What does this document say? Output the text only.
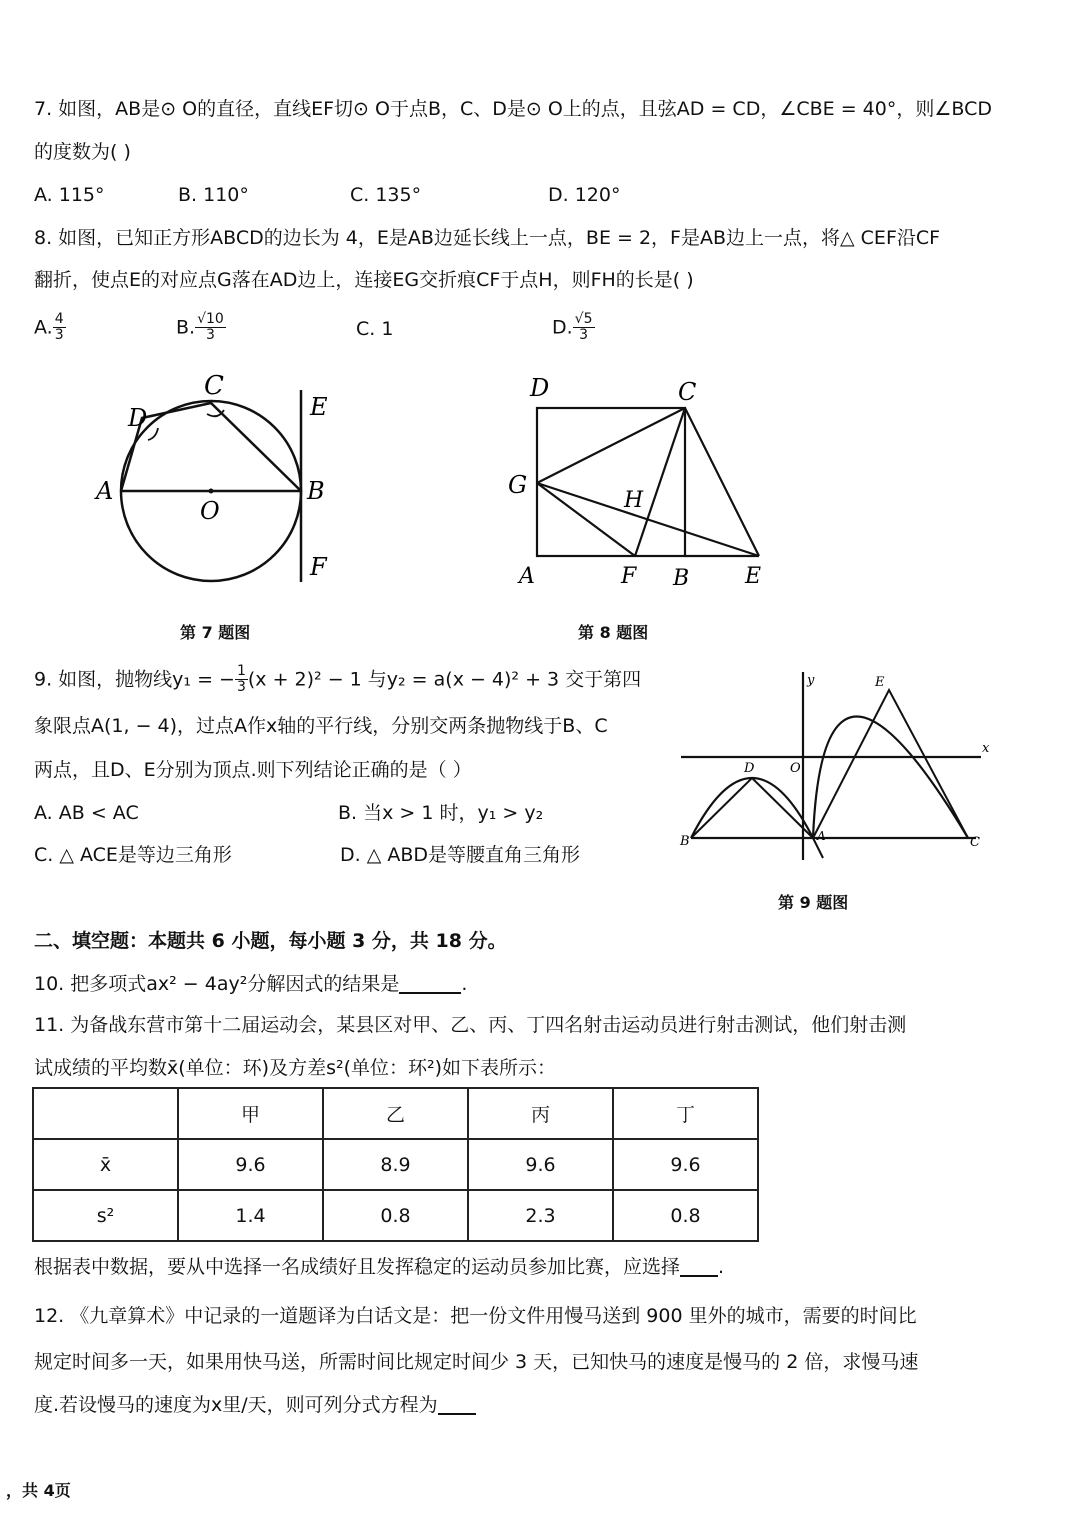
7. 如图，AB是⊙ O的直径，直线EF切⊙ O于点B，C、D是⊙ O上的点，且弦AD = CD，∠CBE = 40°，则∠BCD
的度数为( )
A. 115°	B. 110°	C. 135°	D. 120°
8. 如图，已知正方形ABCD的边长为 4，E是AB边延长线上一点，BE = 2，F是AB边上一点，将△ CEF沿CF
翻折，使点E的对应点G落在AD边上，连接EG交折痕CF于点H，则FH的长是( )
A. $\frac{4}{3}$	B. $\frac{√10}{3}$	C. 1	D. $\frac{√5}{3}$
A	B
C
D	E
F
O
第 7 题图
D	C
G
H
A	F B	E
第 8 题图
9. 如图，抛物线y₁ = − $\frac{1}{3} (x + 2)^2 - 1$ 与y₂ = a(x − 4)² + 3 交于第四
象限点A(1, − 4)，过点A作x轴的平行线，分别交两条抛物线于B、C
两点，且D、E分别为顶点.则下列结论正确的是（ ）
A. AB < AC	B. 当x > 1 时，y₁ > y₂
C. △ ACE是等边三角形	D. △ ABD是等腰直角三角形
y
x
O
D
E
B	A	C
第 9 题图
二、填空题：本题共 6 小题，每小题 3 分，共 18 分。
10. 把多项式ax² − 4ay²分解因式的结果是	.
11. 为备战东营市第十二届运动会，某县区对甲、乙、丙、丁四名射击运动员进行射击测试，他们射击测
试成绩的平均数x̄(单位：环)及方差s²(单位：环²)如下表所示：
	甲	乙	丙	丁
x̄	9.6	8.9	9.6	9.6
s²	1.4	0.8	2.3	0.8
根据表中数据，要从中选择一名成绩好且发挥稳定的运动员参加比赛，应选择 .
12. 《九章算术》中记录的一道题译为白话文是：把一份文件用慢马送到 900 里外的城市，需要的时间比
规定时间多一天，如果用快马送，所需时间比规定时间少 3 天，已知快马的速度是慢马的 2 倍，求慢马速
度.若设慢马的速度为x里/天，则可列分式方程为
，共 4页
